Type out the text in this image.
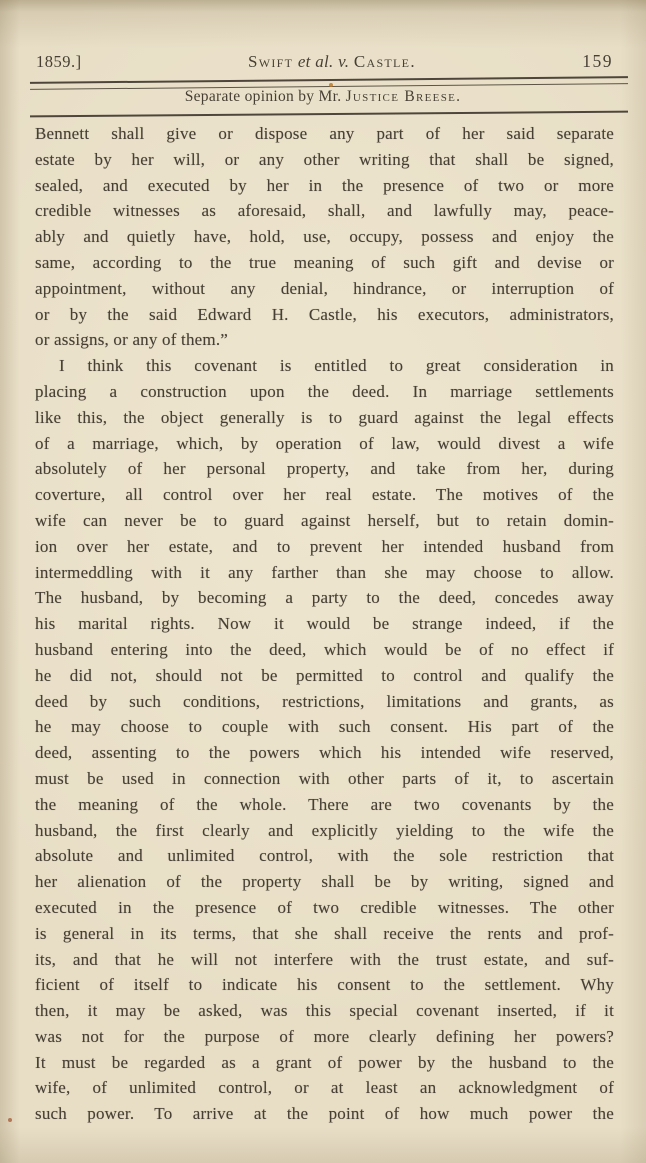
1859.]	Swift et al. v. Castle.	159
Separate opinion by Mr. Justice Breese.
Bennett shall give or dispose any part of her said separate
estate by her will, or any other writing that shall be signed,
sealed, and executed by her in the presence of two or more
credible witnesses as aforesaid, shall, and lawfully may, peace-
ably and quietly have, hold, use, occupy, possess and enjoy the
same, according to the true meaning of such gift and devise or
appointment, without any denial, hindrance, or interruption of
or by the said Edward H. Castle, his executors, administrators,
or assigns, or any of them.”
I think this covenant is entitled to great consideration in
placing a construction upon the deed. In marriage settlements
like this, the object generally is to guard against the legal effects
of a marriage, which, by operation of law, would divest a wife
absolutely of her personal property, and take from her, during
coverture, all control over her real estate. The motives of the
wife can never be to guard against herself, but to retain domin-
ion over her estate, and to prevent her intended husband from
intermeddling with it any farther than she may choose to allow.
The husband, by becoming a party to the deed, concedes away
his marital rights. Now it would be strange indeed, if the
husband entering into the deed, which would be of no effect if
he did not, should not be permitted to control and qualify the
deed by such conditions, restrictions, limitations and grants, as
he may choose to couple with such consent. His part of the
deed, assenting to the powers which his intended wife reserved,
must be used in connection with other parts of it, to ascertain
the meaning of the whole. There are two covenants by the
husband, the first clearly and explicitly yielding to the wife the
absolute and unlimited control, with the sole restriction that
her alienation of the property shall be by writing, signed and
executed in the presence of two credible witnesses. The other
is general in its terms, that she shall receive the rents and prof-
its, and that he will not interfere with the trust estate, and suf-
ficient of itself to indicate his consent to the settlement. Why
then, it may be asked, was this special covenant inserted, if it
was not for the purpose of more clearly defining her powers?
It must be regarded as a grant of power by the husband to the
wife, of unlimited control, or at least an acknowledgment of
such power. To arrive at the point of how much power the
